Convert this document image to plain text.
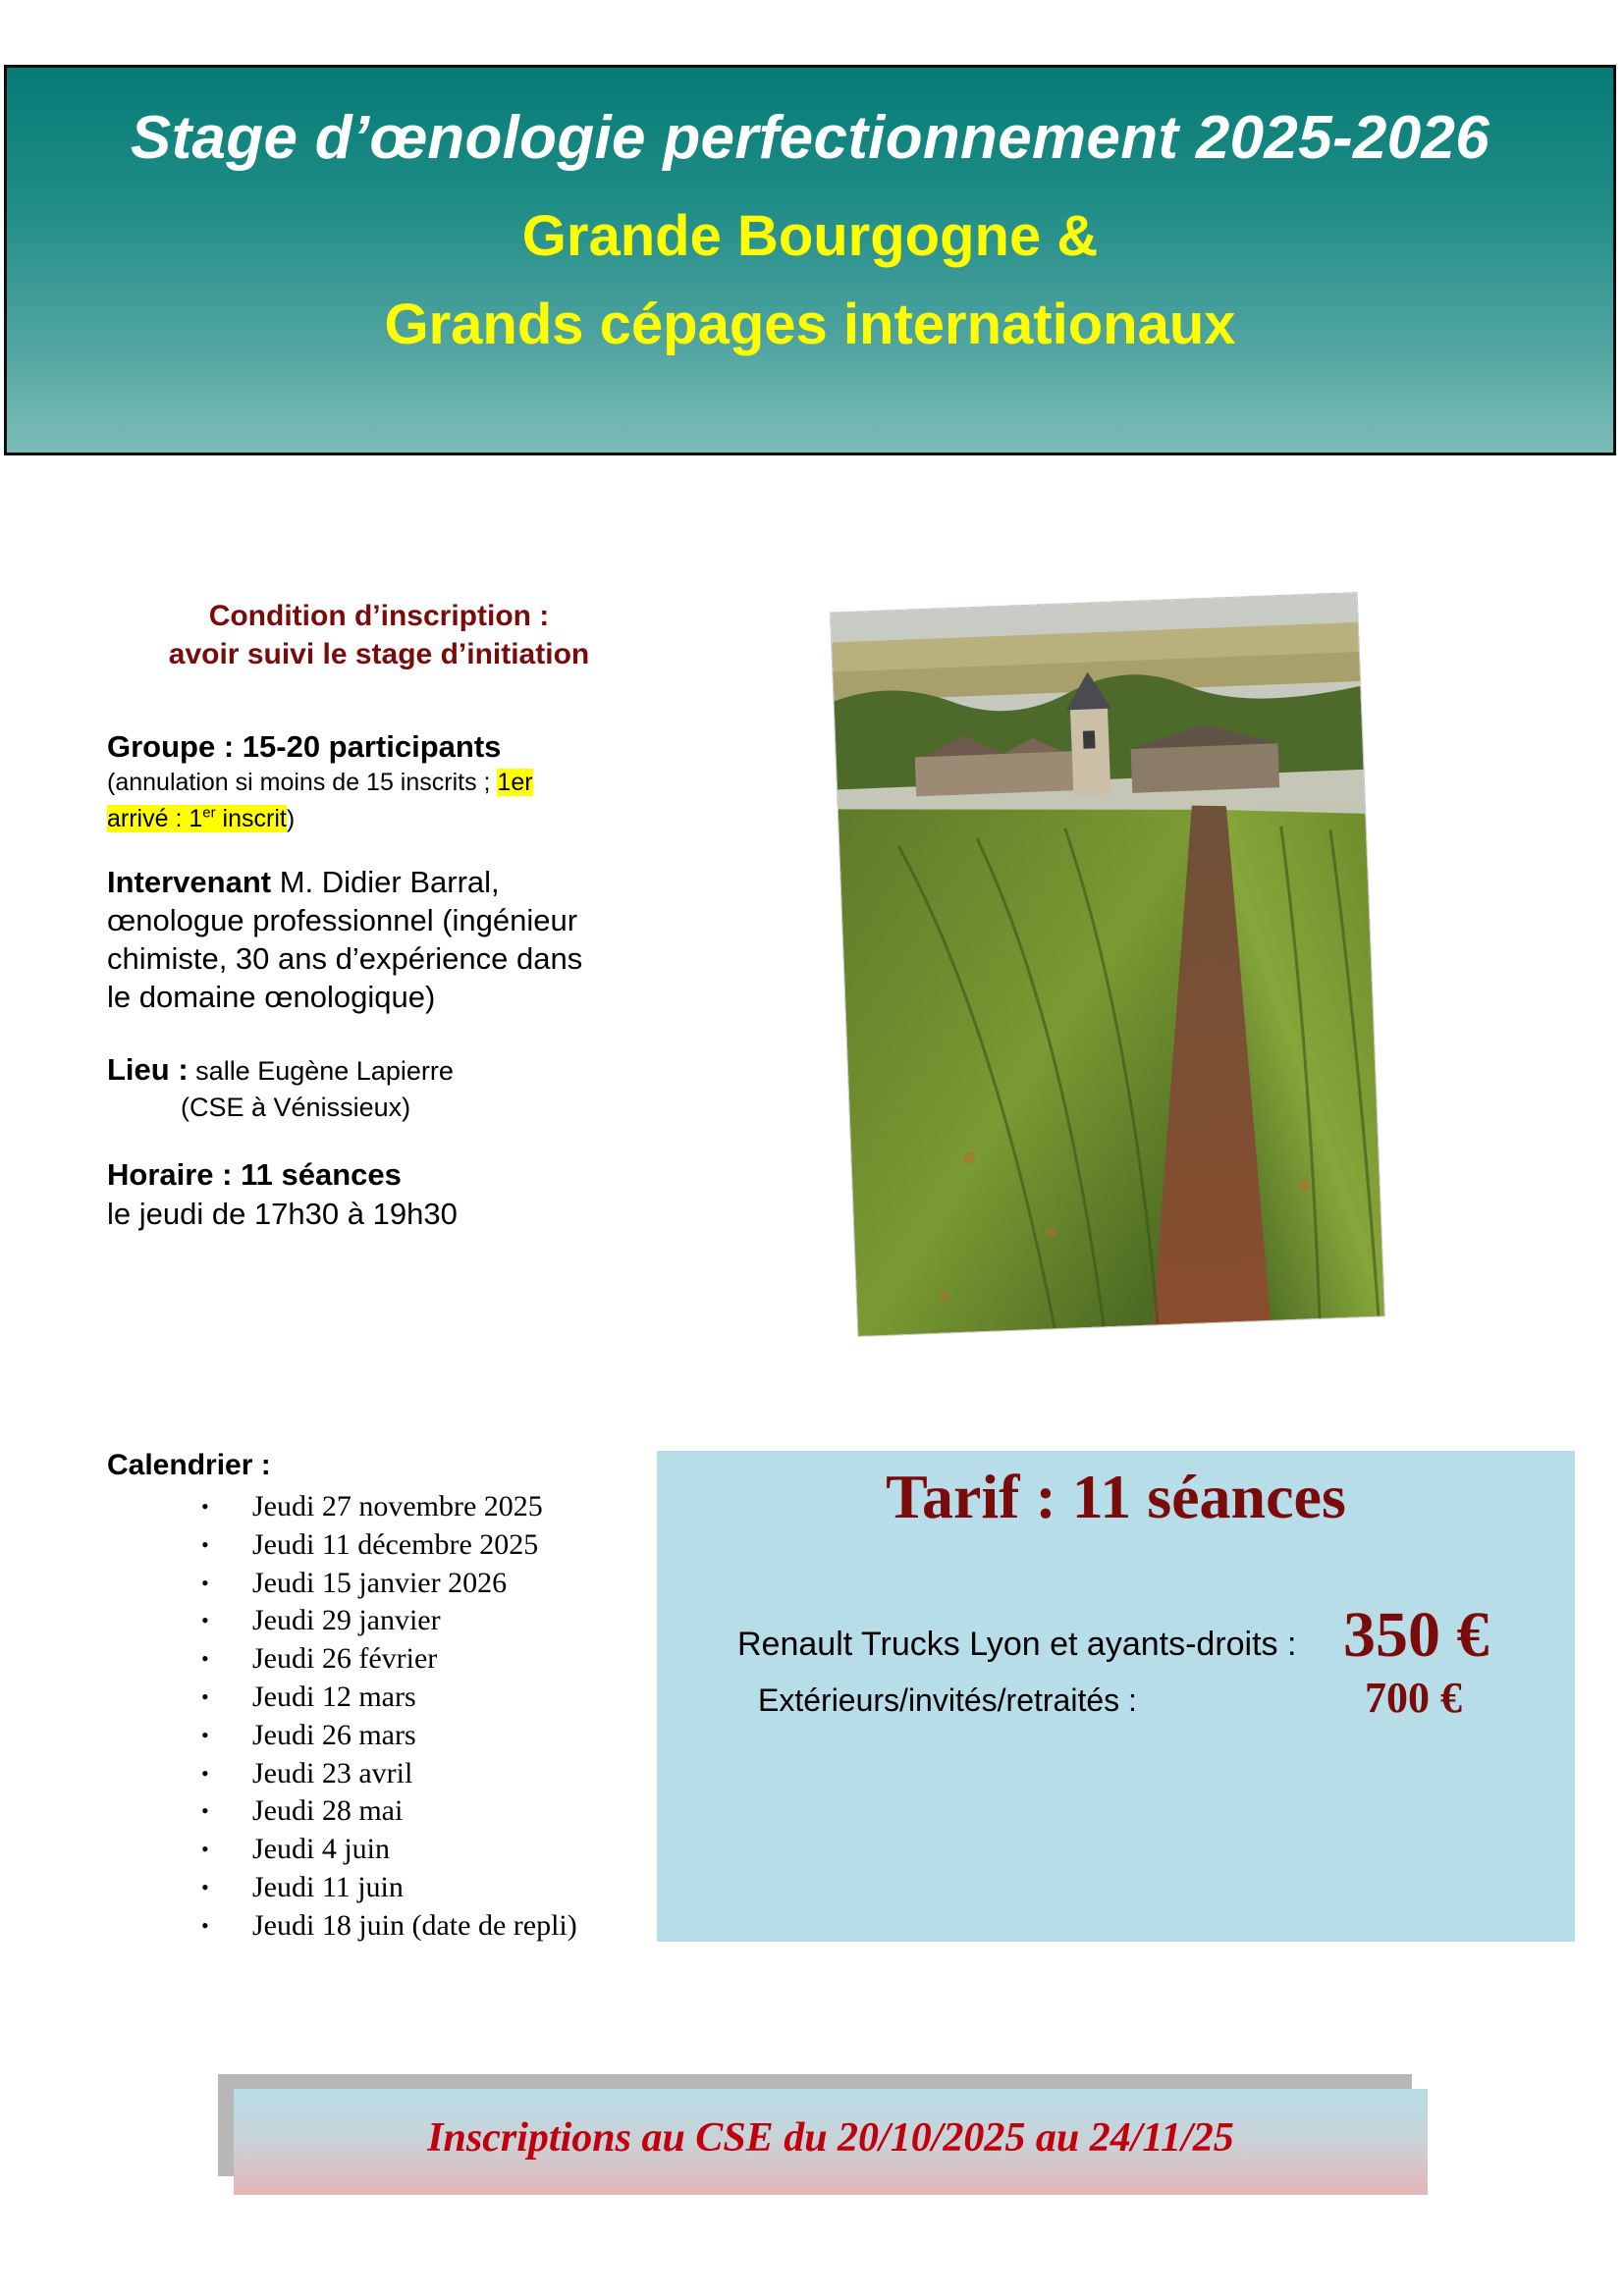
Stage d’œnologie perfectionnement 2025-2026
Grande Bourgogne &
Grands cépages internationaux
Condition d’inscription :
avoir suivi le stage d’initiation
Groupe : 15-20 participants
(annulation si moins de 15 inscrits ; 1er
arrivé : 1er inscrit)
Intervenant M. Didier Barral,
œnologue professionnel (ingénieur
chimiste, 30 ans d’expérience dans
le domaine œnologique)
Lieu : salle Eugène Lapierre
(CSE à Vénissieux)
Horaire : 11 séances
le jeudi de 17h30 à 19h30
Calendrier :
• Jeudi 27 novembre 2025
• Jeudi 11 décembre 2025
• Jeudi 15 janvier 2026
• Jeudi 29 janvier
• Jeudi 26 février
• Jeudi 12 mars
• Jeudi 26 mars
• Jeudi 23 avril
• Jeudi 28 mai
• Jeudi 4 juin
• Jeudi 11 juin
• Jeudi 18 juin (date de repli)
Tarif : 11 séances
Renault Trucks Lyon et ayants-droits : 350 €
Extérieurs/invités/retraités :	700 €
Inscriptions au CSE du 20/10/2025 au 24/11/25
